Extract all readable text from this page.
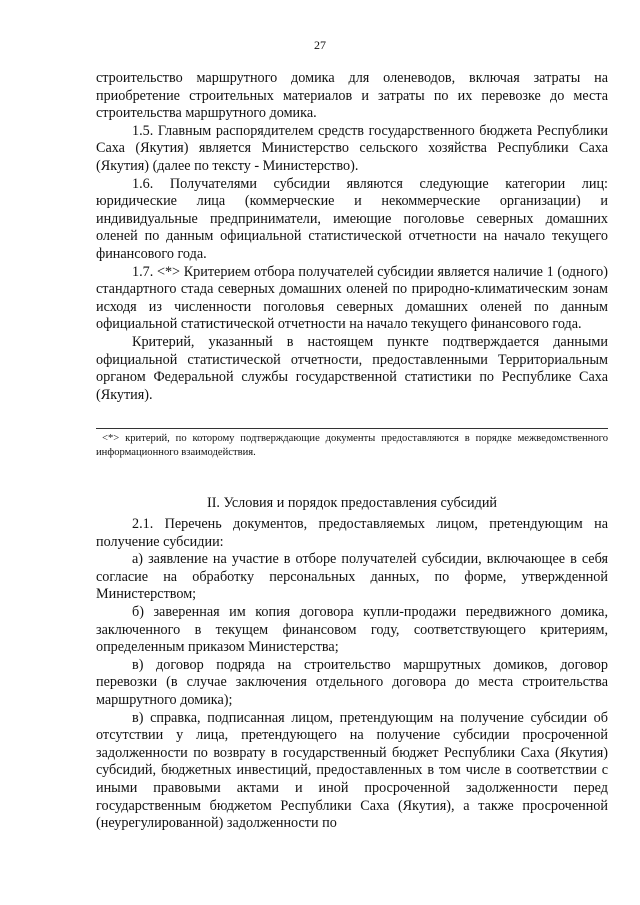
27

строительство маршрутного домика для оленеводов, включая затраты на приобретение строительных материалов и затраты по их перевозке до места строительства маршрутного домика.

1.5. Главным распорядителем средств государственного бюджета Республики Саха (Якутия) является Министерство сельского хозяйства Республики Саха (Якутия) (далее по тексту - Министерство).

1.6. Получателями субсидии являются следующие категории лиц: юридические лица (коммерческие и некоммерческие организации) и индивидуальные предприниматели, имеющие поголовье северных домашних оленей по данным официальной статистической отчетности на начало текущего финансового года.

1.7. <*> Критерием отбора получателей субсидии является наличие 1 (одного) стандартного стада северных домашних оленей по природно-климатическим зонам исходя из численности поголовья северных домашних оленей по данным официальной статистической отчетности на начало текущего финансового года.

Критерий, указанный в настоящем пункте подтверждается данными официальной статистической отчетности, предоставленными Территориальным органом Федеральной службы государственной статистики по Республике Саха (Якутия).

<*> критерий, по которому подтверждающие документы предоставляются в порядке межведомственного информационного взаимодействия.

II. Условия и порядок предоставления субсидий

2.1. Перечень документов, предоставляемых лицом, претендующим на получение субсидии:

а) заявление на участие в отборе получателей субсидии, включающее в себя согласие на обработку персональных данных, по форме, утвержденной Министерством;

б) заверенная им копия договора купли-продажи передвижного домика, заключенного в текущем финансовом году, соответствующего критериям, определенным приказом Министерства;

в) договор подряда на строительство маршрутных домиков, договор перевозки (в случае заключения отдельного договора до места строительства маршрутного домика);

в) справка, подписанная лицом, претендующим на получение субсидии об отсутствии у лица, претендующего на получение субсидии просроченной задолженности по возврату в государственный бюджет Республики Саха (Якутия) субсидий, бюджетных инвестиций, предоставленных в том числе в соответствии с иными правовыми актами и иной просроченной задолженности перед государственным бюджетом Республики Саха (Якутия), а также просроченной (неурегулированной) задолженности по
